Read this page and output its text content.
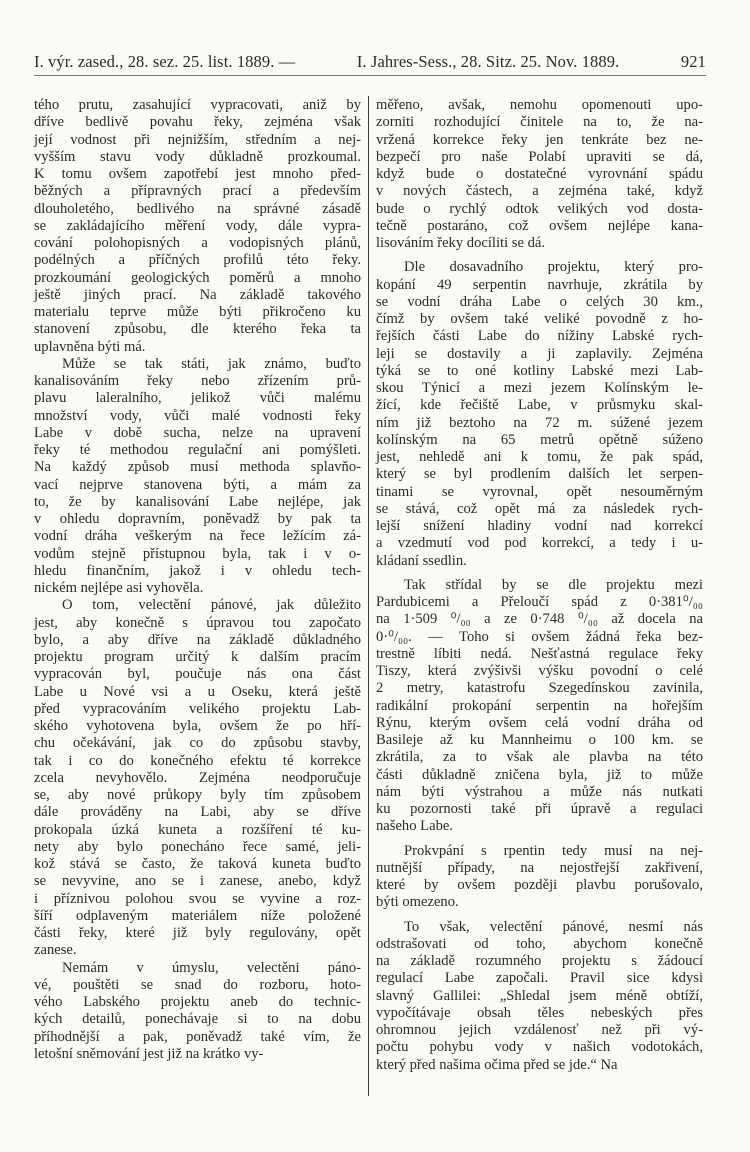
I. výr. zased., 28. sez. 25. list. 1889. —	I. Jahres-Sess., 28. Sitz. 25. Nov. 1889.	921
tého prutu, zasahující vypracovati, aniž by
dříve bedlivě povahu řeky, zejména však
její vodnost při nejnižším, středním a nej-
vyšším stavu vody důkladně prozkoumal.
K tomu ovšem zapotřebí jest mnoho před-
běžných a přípravných prací a především
dlouholetého, bedlivého na správné zásadě
se zakládajícího měření vody, dále vypra-
cování polohopisných a vodopisných plánů,
podélných a příčných profilů této řeky.
prozkoumání geologických poměrů a mnoho
ještě jiných prací. Na základě takového
materialu teprve může býti přikročeno ku
stanovení způsobu, dle kterého řeka ta
uplavněna býti má.
Může se tak státi, jak známo, buďto
kanalisováním řeky nebo zřízením prů-
plavu laleralního, jelikož vůči malému
množství vody, vůči malé vodnosti řeky
Labe v době sucha, nelze na upravení
řeky té methodou regulační ani pomýšleti.
Na každý způsob musí methoda splavňo-
vací nejprve stanovena býti, a mám za
to, že by kanalisování Labe nejlépe, jak
v ohledu dopravním, poněvadž by pak ta
vodní dráha veškerým na řece ležícím zá-
vodům stejně přístupnou byla, tak i v o-
hledu finančním, jakož i v ohledu tech-
nickém nejlépe asi vyhověla.
O tom, velectění pánové, jak důležito
jest, aby konečně s úpravou tou započato
bylo, a aby dříve na základě důkladného
projektu program určitý k dalším pracím
vypracován byl, poučuje nás ona část
Labe u Nové vsi a u Oseku, která ještě
před vypracováním velikého projektu Lab-
ského vyhotovena byla, ovšem že po hří-
chu očekávání, jak co do způsobu stavby,
tak i co do konečného efektu té korrekce
zcela nevyhovělo. Zejména neodporučuje
se, aby nové průkopy byly tím způsobem
dále prováděny na Labi, aby se dříve
prokopala úzká kuneta a rozšíření té ku-
nety aby bylo ponecháno řece samé, jeli-
kož stává se často, že taková kuneta buďto
se nevyvine, ano se i zanese, anebo, když
i příznivou polohou svou se vyvine a roz-
šíří odplaveným materiálem níže položené
části řeky, které již byly regulovány, opět
zanese.
Nemám v úmyslu, velectěni páno-
vé, pouštěti se snad do rozboru, hoto-
vého Labského projektu aneb do technic-
kých detailů, ponechávaje si to na dobu
příhodnější a pak, poněvadž také vím, že
letošní sněmování jest již na krátko vy-
měřeno, avšak, nemohu opomenouti upo-
zorniti rozhodující činitele na to, že na-
vržená korrekce řeky jen tenkráte bez ne-
bezpečí pro naše Polabí upraviti se dá,
když bude o dostatečné vyrovnání spádu
v nových částech, a zejména také, když
bude o rychlý odtok velikých vod dosta-
tečně postaráno, což ovšem nejlépe kana-
lisováním řeky docíliti se dá.
Dle dosavadního projektu, který pro-
kopání 49 serpentin navrhuje, zkrátila by
se vodní dráha Labe o celých 30 km.,
čímž by ovšem také veliké povodně z ho-
řejších části Labe do nížiny Labské rych-
leji se dostavily a ji zaplavily. Zejména
týká se to oné kotliny Labské mezi Lab-
skou Týnicí a mezi jezem Kolínským le-
žící, kde řečiště Labe, v průsmyku skal-
ním již beztoho na 72 m. súžené jezem
kolínským na 65 metrů opětně súženo
jest, nehledě ani k tomu, že pak spád,
který se byl prodlením dalších let serpen-
tinami se vyrovnal, opět nesouměrným
se stává, což opět má za následek rych-
lejší snížení hladiny vodní nad korrekcí
a vzedmutí vod pod korrekcí, a tedy i u-
kládaní ssedlin.
Tak střídal by se dle projektu mezi
Pardubicemi a Přeloučí spád z 0·381⁰/₀₀
na 1·509 ⁰/₀₀ a ze 0·748 ⁰/₀₀ až docela na
0·⁰/₀₀. — Toho si ovšem žádná řeka bez-
trestně líbiti nedá. Nešťastná regulace řeky
Tiszy, která zvýšivši výšku povodní o celé
2 metry, katastrofu Szegedínskou zavinila,
radikální prokopání serpentin na hořejším
Rýnu, kterým ovšem celá vodní dráha od
Basileje až ku Mannheimu o 100 km. se
zkrátila, za to však ale plavba na této
části důkladně zničena byla, již to může
nám býti výstrahou a může nás nutkati
ku pozornosti také při úpravě a regulaci
našeho Labe.
Prokvpání s rpentin tedy musí na nej-
nutnější případy, na nejostřejší zakřivení,
které by ovšem později plavbu porušovalo,
býti omezeno.
To však, velectění pánové, nesmí nás
odstrašovati od toho, abychom konečně
na základě rozumného projektu s žádoucí
regulací Labe započali. Pravil sice kdysi
slavný Gallilei: „Shledal jsem méně obtíží,
vypočítávaje obsah těles nebeských přes
ohromnou jejich vzdálenosť než při vý-
počtu pohybu vody v našich vodotokách,
který před našima očima před se jde.“ Na
